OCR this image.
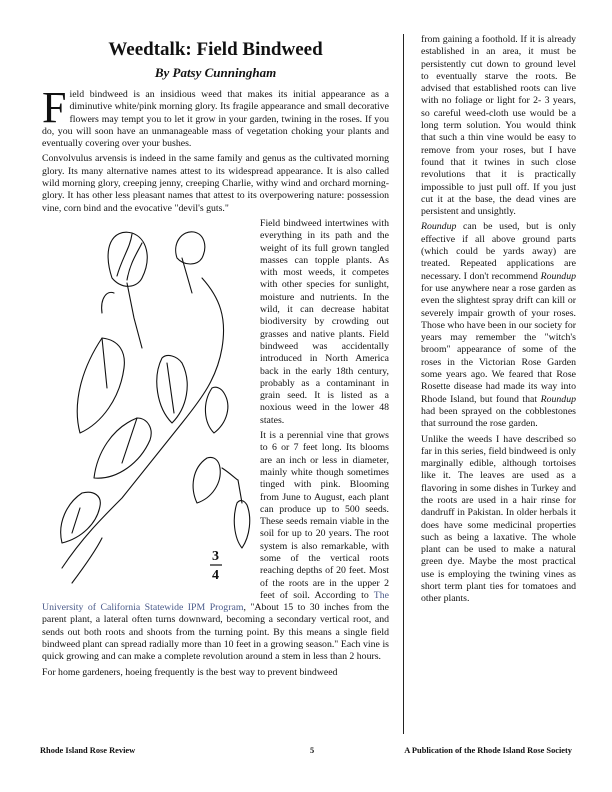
Weedtalk: Field Bindweed
By Patsy Cunningham

Field bindweed is an insidious weed that makes its initial appearance as a diminutive white/pink morning glory. Its fragile appearance and small decorative flowers may tempt you to let it grow in your garden, twining in the roses. If you do, you will soon have an unmanageable mass of vegetation choking your plants and eventually covering over your bushes.

Convolvulus arvensis is indeed in the same family and genus as the cultivated morning glory. Its many alternative names attest to its widespread appearance. It is also called wild morning glory, creeping jenny, creeping Charlie, withy wind and orchard morning-glory. It has other less pleasant names that attest to its overpowering nature: possession vine, corn bind and the evocative "devil's guts."

3
4

Field bindweed intertwines with everything in its path and the weight of its full grown tangled masses can topple plants. As with most weeds, it competes with other species for sunlight, moisture and nutrients. In the wild, it can decrease habitat biodiversity by crowding out grasses and native plants. Field bindweed was accidentally introduced in North America back in the early 18th century, probably as a contaminant in grain seed. It is listed as a noxious weed in the lower 48 states.

It is a perennial vine that grows to 6 or 7 feet long. Its blooms are an inch or less in diameter, mainly white though sometimes tinged with pink. Blooming from June to August, each plant can produce up to 500 seeds. These seeds remain viable in the soil for up to 20 years. The root system is also remarkable, with some of the vertical roots reaching depths of 20 feet. Most of the roots are in the upper 2 feet of soil. According to The University of California Statewide IPM Program, "About 15 to 30 inches from the parent plant, a lateral often turns downward, becoming a secondary vertical root, and sends out both roots and shoots from the turning point. By this means a single field bindweed plant can spread radially more than 10 feet in a growing season." Each vine is quick growing and can make a complete revolution around a stem in less than 2 hours.

For home gardeners, hoeing frequently is the best way to prevent bindweed

from gaining a foothold. If it is already established in an area, it must be persistently cut down to ground level to eventually starve the roots. Be advised that established roots can live with no foliage or light for 2- 3 years, so careful weed-cloth use would be a long term solution. You would think that such a thin vine would be easy to remove from your roses, but I have found that it twines in such close revolutions that it is practically impossible to just pull off. If you just cut it at the base, the dead vines are persistent and unsightly.

Roundup can be used, but is only effective if all above ground parts (which could be yards away) are treated. Repeated applications are necessary. I don't recommend Roundup for use anywhere near a rose garden as even the slightest spray drift can kill or severely impair growth of your roses. Those who have been in our society for years may remember the "witch's broom" appearance of some of the roses in the Victorian Rose Garden some years ago. We feared that Rose Rosette disease had made its way into Rhode Island, but found that Roundup had been sprayed on the cobblestones that surround the rose garden.

Unlike the weeds I have described so far in this series, field bindweed is only marginally edible, although tortoises like it. The leaves are used as a flavoring in some dishes in Turkey and the roots are used in a hair rinse for dandruff in Pakistan. In older herbals it does have some medicinal properties such as being a laxative. The whole plant can be used to make a natural green dye. Maybe the most practical use is employing the twining vines as short term plant ties for tomatoes and other plants.

Rhode Island Rose Review	5	A Publication of the Rhode Island Rose Society
